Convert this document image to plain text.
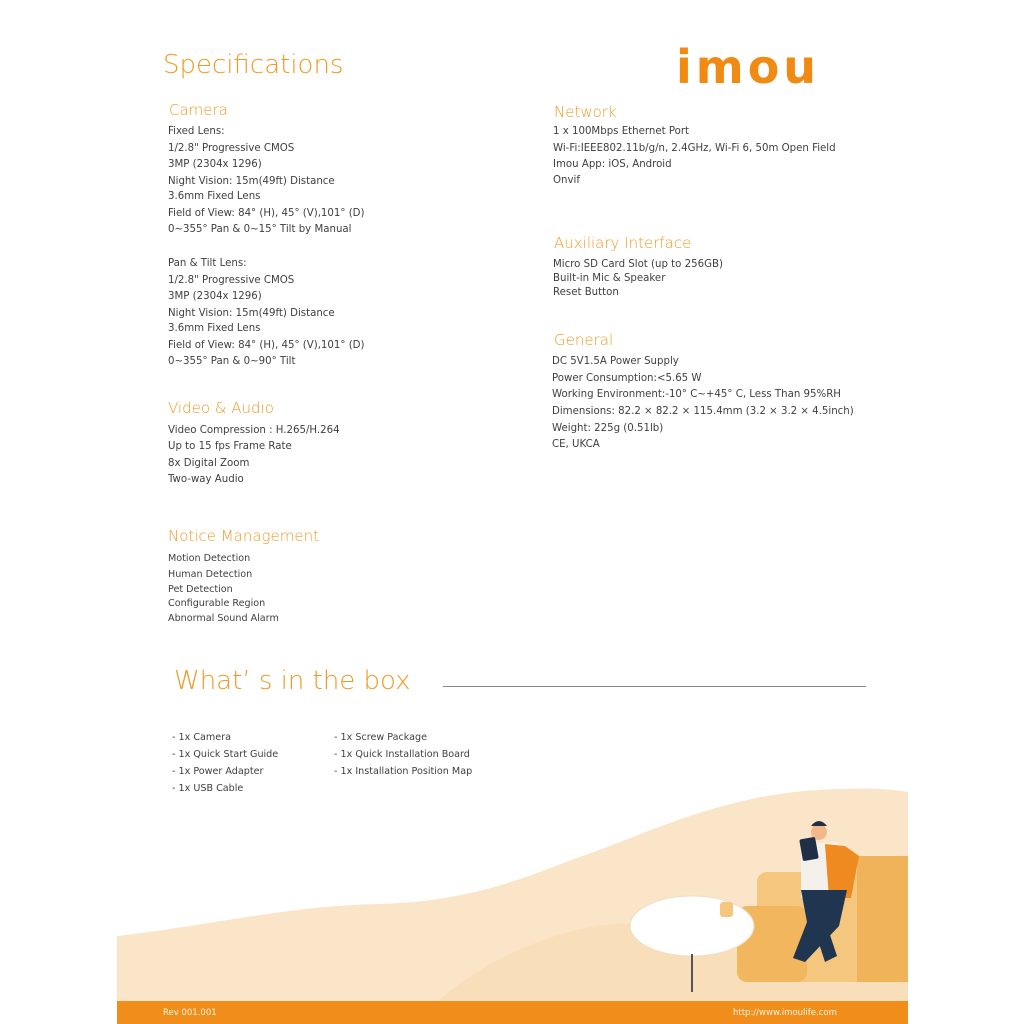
Specifications	imou
Camera
Fixed Lens:
1/2.8" Progressive CMOS
3MP (2304x 1296)
Night Vision: 15m(49ft) Distance
3.6mm Fixed Lens
Field of View: 84° (H), 45° (V),101° (D)
0~355° Pan & 0~15° Tilt by Manual
Pan & Tilt Lens:
1/2.8" Progressive CMOS
3MP (2304x 1296)
Night Vision: 15m(49ft) Distance
3.6mm Fixed Lens
Field of View: 84° (H), 45° (V),101° (D)
0~355° Pan & 0~90° Tilt
Video & Audio
Video Compression : H.265/H.264
Up to 15 fps Frame Rate
8x Digital Zoom
Two-way Audio
Notice Management
Motion Detection
Human Detection
Pet Detection
Configurable Region
Abnormal Sound Alarm
Network
1 x 100Mbps Ethernet Port
Wi-Fi:IEEE802.11b/g/n, 2.4GHz, Wi-Fi 6, 50m Open Field
Imou App: iOS, Android
Onvif
Auxiliary Interface
Micro SD Card Slot (up to 256GB)
Built-in Mic & Speaker
Reset Button
General
DC 5V1.5A Power Supply
Power Consumption:<5.65 W
Working Environment:-10° C~+45° C, Less Than 95%RH
Dimensions: 82.2 × 82.2 × 115.4mm (3.2 × 3.2 × 4.5inch)
Weight: 225g (0.51lb)
CE, UKCA
What’ s in the box
- 1x Camera
- 1x Quick Start Guide
- 1x Power Adapter
- 1x USB Cable
- 1x Screw Package
- 1x Quick Installation Board
- 1x Installation Position Map
Rev 001.001	http://www.imoulife.com
